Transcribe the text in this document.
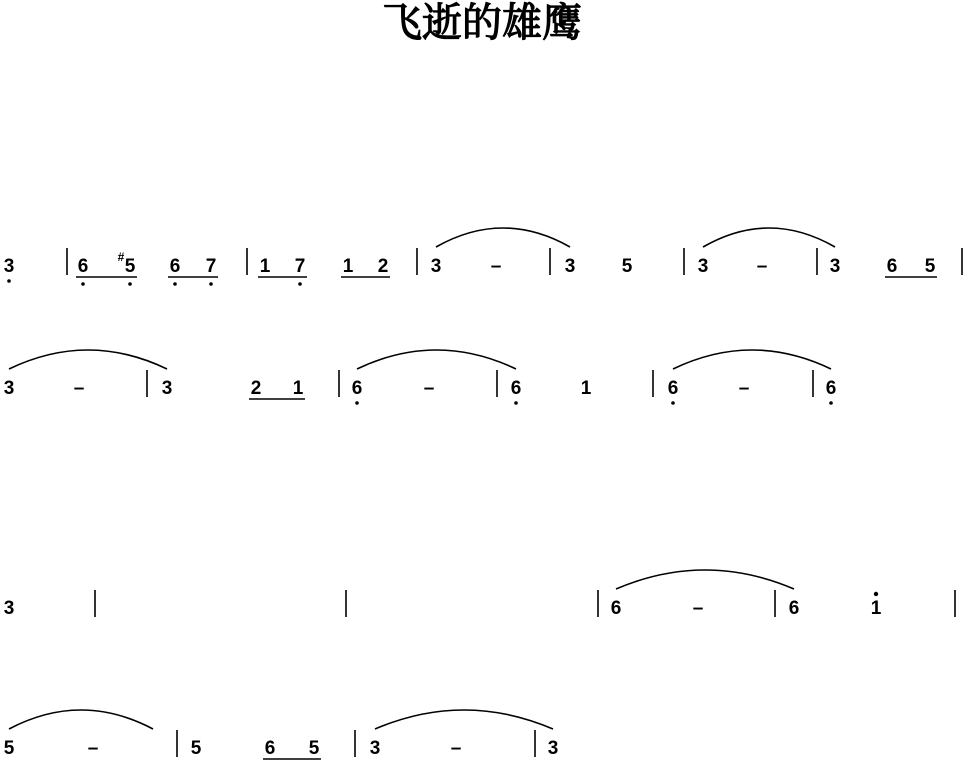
飞逝的雄鹰
3	6 5
# 6 7 1 7 1 2 3	–	3 5	3	–	3 6 5
3	–	3	2 1	6	–	6	1	6	–	6
3	6	–	6	1
5	–	5	6 5	3	–	3
